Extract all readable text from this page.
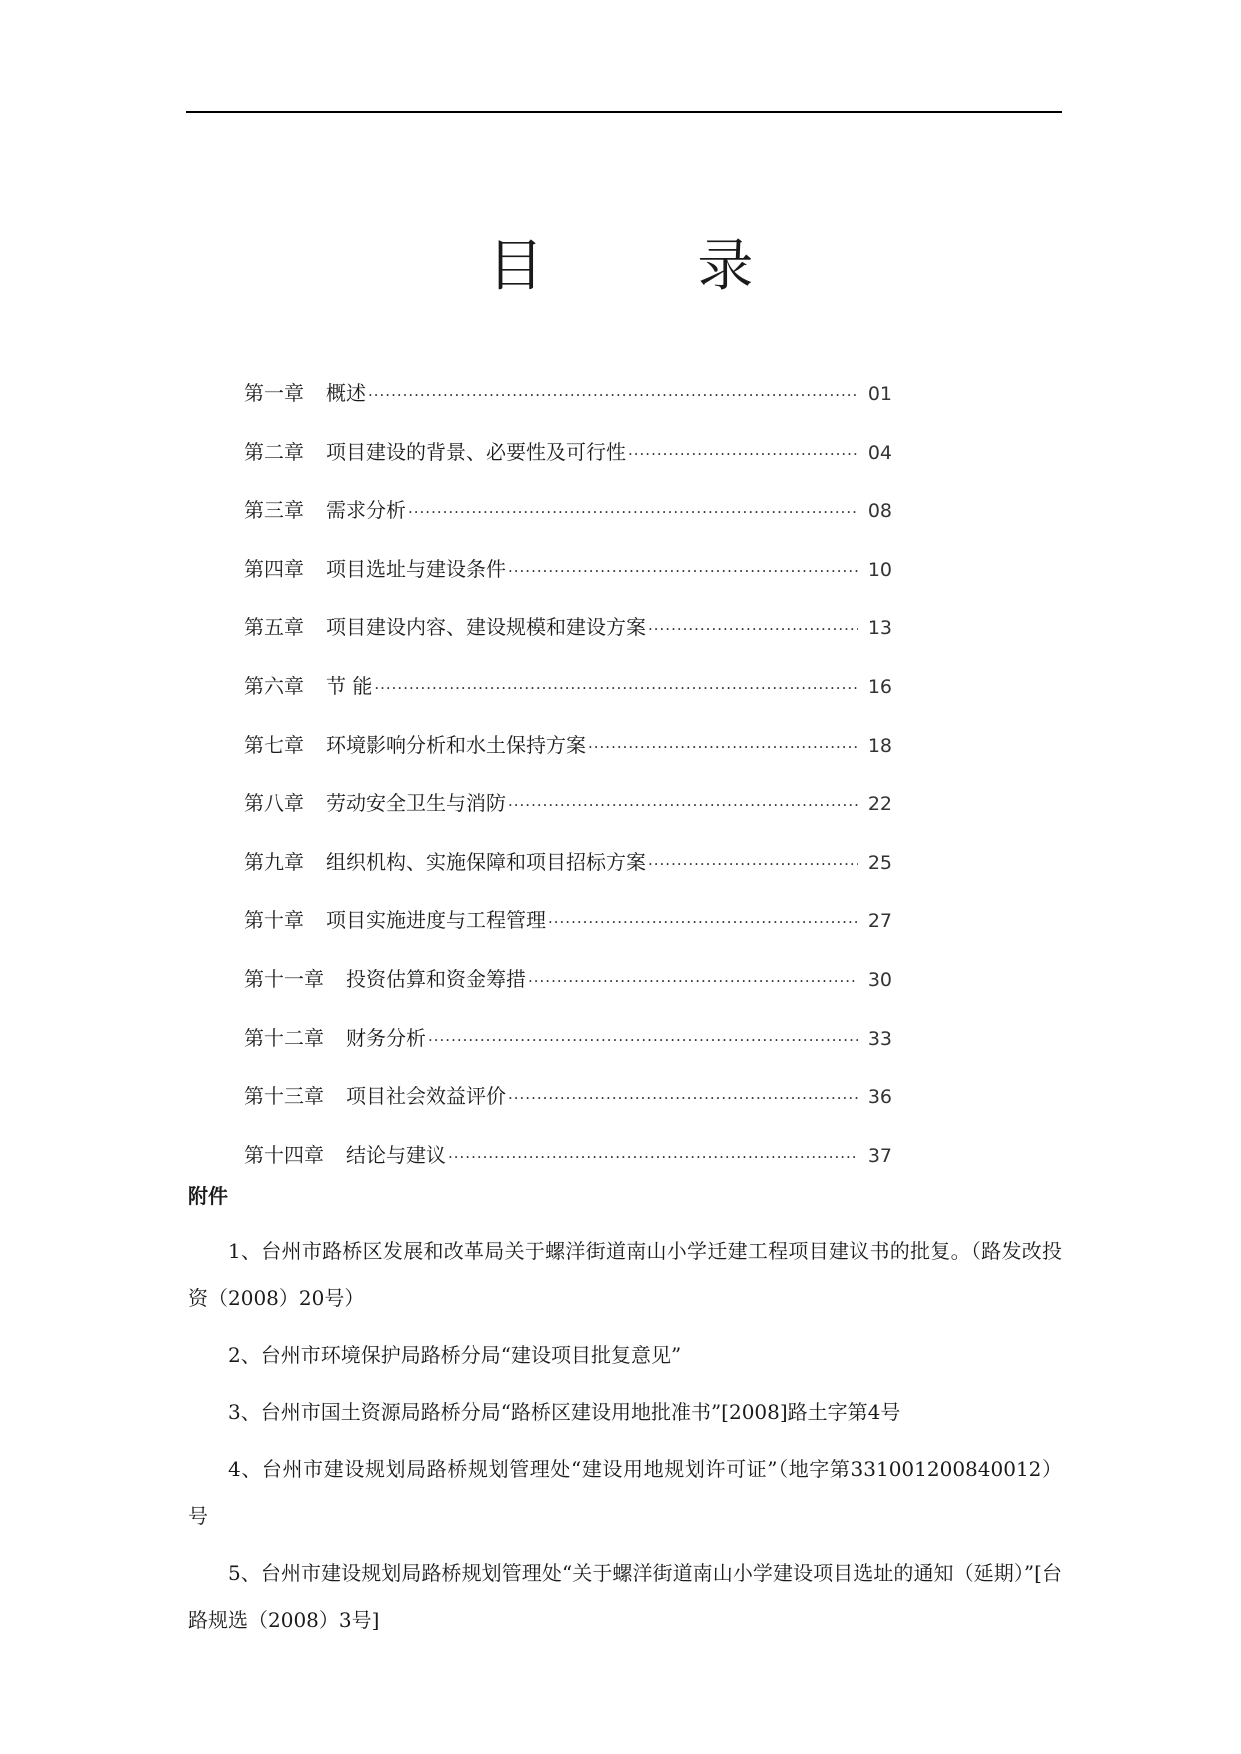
目 录
第一章	概述 ·····	01
第二章	项目建设的背景、必要性及可行性 ·····	04
第三章	需求分析 ·····	08
第四章	项目选址与建设条件 ·····	10
第五章	项目建设内容、建设规模和建设方案 ·····	13
第六章	节 能 ·····	16
第七章	环境影响分析和水土保持方案 ·····	18
第八章	劳动安全卫生与消防 ·····	22
第九章	组织机构、实施保障和项目招标方案 ·····	25
第十章	项目实施进度与工程管理 ·····	27
第十一章	投资估算和资金筹措 ·····	30
第十二章	财务分析 ·····	33
第十三章	项目社会效益评价 ·····	36
第十四章	结论与建议 ·····	37
附件

1、台州市路桥区发展和改革局关于螺洋街道南山小学迁建工程项目建议书的批复。（路发改投资（2008）20号）

2、台州市环境保护局路桥分局“建设项目批复意见”

3、台州市国土资源局路桥分局“路桥区建设用地批准书”[2008]路土字第4号

4、台州市建设规划局路桥规划管理处“建设用地规划许可证”（地字第331001200840012）号

5、台州市建设规划局路桥规划管理处“关于螺洋街道南山小学建设项目选址的通知（延期）”[台路规选（2008）3号]
